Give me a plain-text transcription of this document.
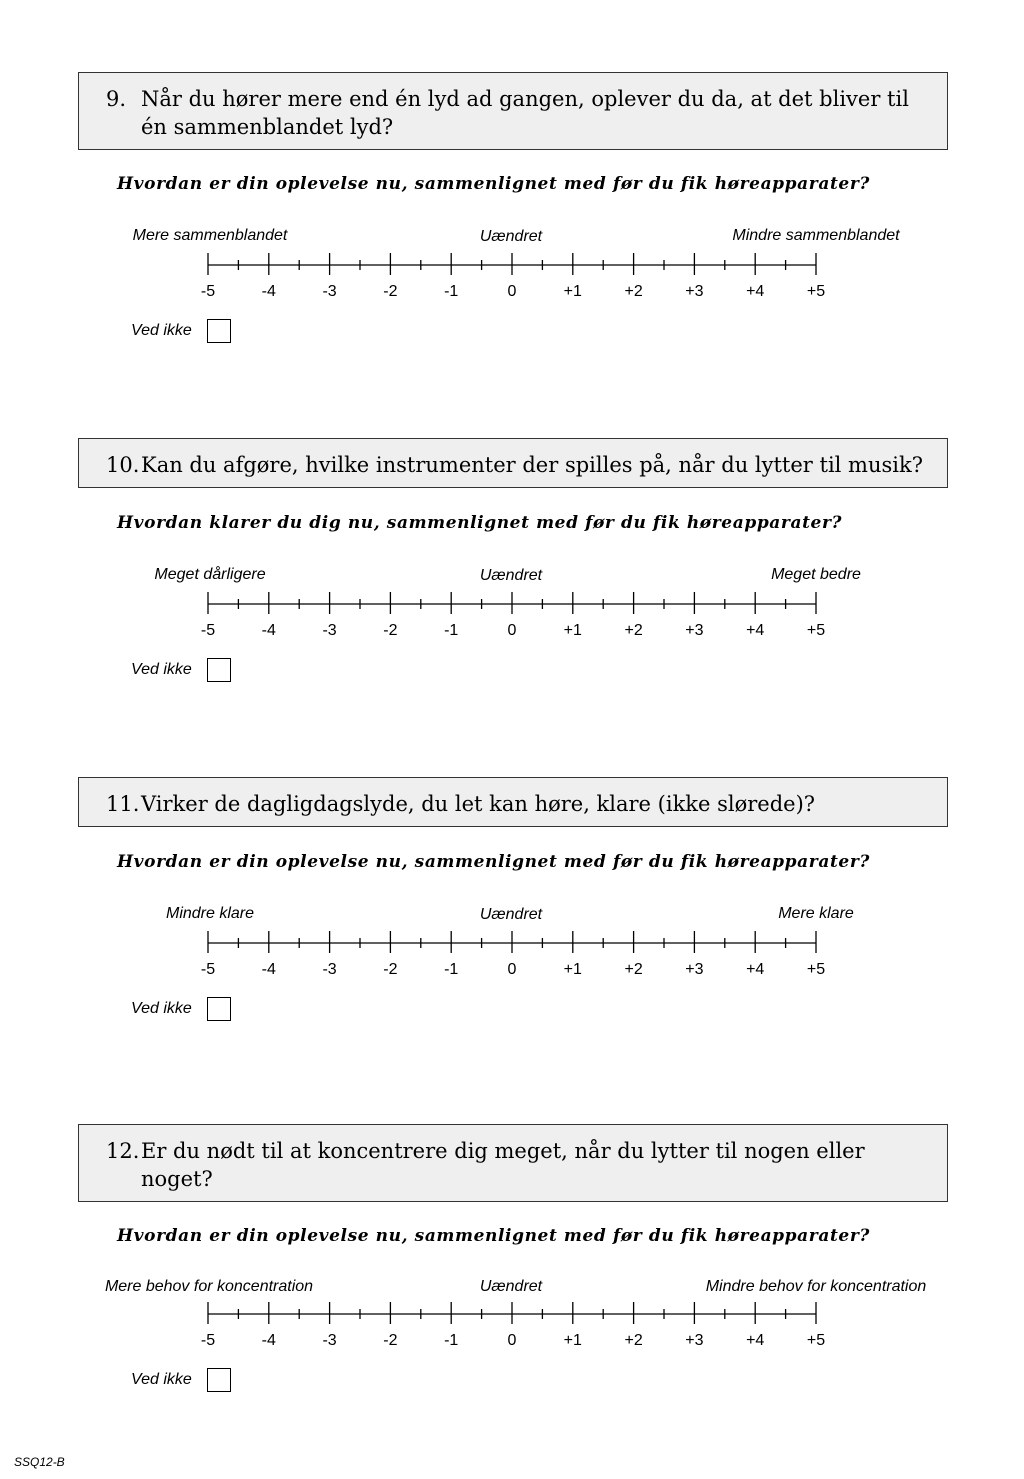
9. Når du hører mere end én lyd ad gangen, oplever du da, at det bliver til én sammenblandet lyd?
Hvordan er din oplevelse nu, sammenlignet med før du fik høreapparater?
Mere sammenblandet	Uændret	Mindre sammenblandet
-5	-4	-3	-2	-1	0	+1	+2	+3	+4	+5
Ved ikke
10. Kan du afgøre, hvilke instrumenter der spilles på, når du lytter til musik?
Hvordan klarer du dig nu, sammenlignet med før du fik høreapparater?
Meget dårligere	Uændret	Meget bedre
-5	-4	-3	-2	-1	0	+1	+2	+3	+4	+5
Ved ikke
11. Virker de dagligdagslyde, du let kan høre, klare (ikke slørede)?
Hvordan er din oplevelse nu, sammenlignet med før du fik høreapparater?
Mindre klare	Uændret	Mere klare
-5	-4	-3	-2	-1	0	+1	+2	+3	+4	+5
Ved ikke
12. Er du nødt til at koncentrere dig meget, når du lytter til nogen eller noget?
Hvordan er din oplevelse nu, sammenlignet med før du fik høreapparater?
Mere behov for koncentration	Uændret	Mindre behov for koncentration
-5	-4	-3	-2	-1	0	+1	+2	+3	+4	+5
Ved ikke
SSQ12-B
